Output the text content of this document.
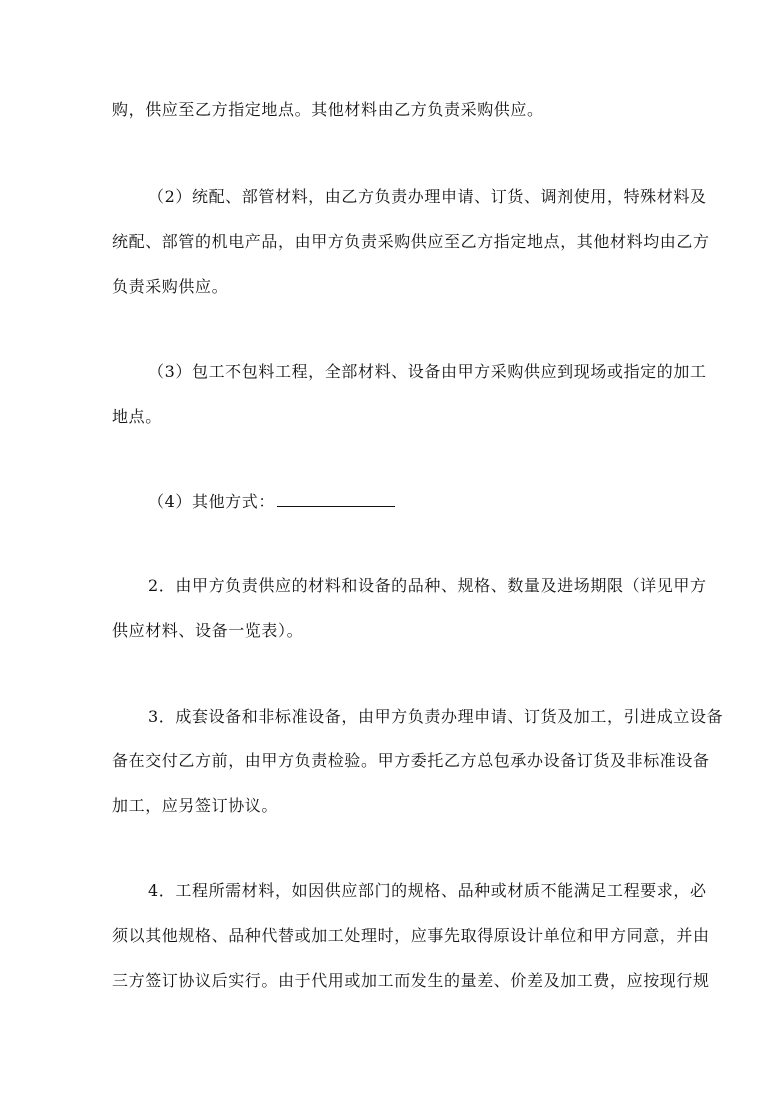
购，供应至乙方指定地点。其他材料由乙方负责采购供应。
（2）统配、部管材料，由乙方负责办理申请、订货、调剂使用，特殊材料及
统配、部管的机电产品，由甲方负责采购供应至乙方指定地点，其他材料均由乙方
负责采购供应。
（3）包工不包料工程，全部材料、设备由甲方采购供应到现场或指定的加工
地点。
（4）其他方式：
2．由甲方负责供应的材料和设备的品种、规格、数量及进场期限（详见甲方
供应材料、设备一览表）。
3．成套设备和非标准设备，由甲方负责办理申请、订货及加工，引进成立设备
备在交付乙方前，由甲方负责检验。甲方委托乙方总包承办设备订货及非标准设备
加工，应另签订协议。
4．工程所需材料，如因供应部门的规格、品种或材质不能满足工程要求，必
须以其他规格、品种代替或加工处理时，应事先取得原设计单位和甲方同意，并由
三方签订协议后实行。由于代用或加工而发生的量差、价差及加工费，应按现行规
